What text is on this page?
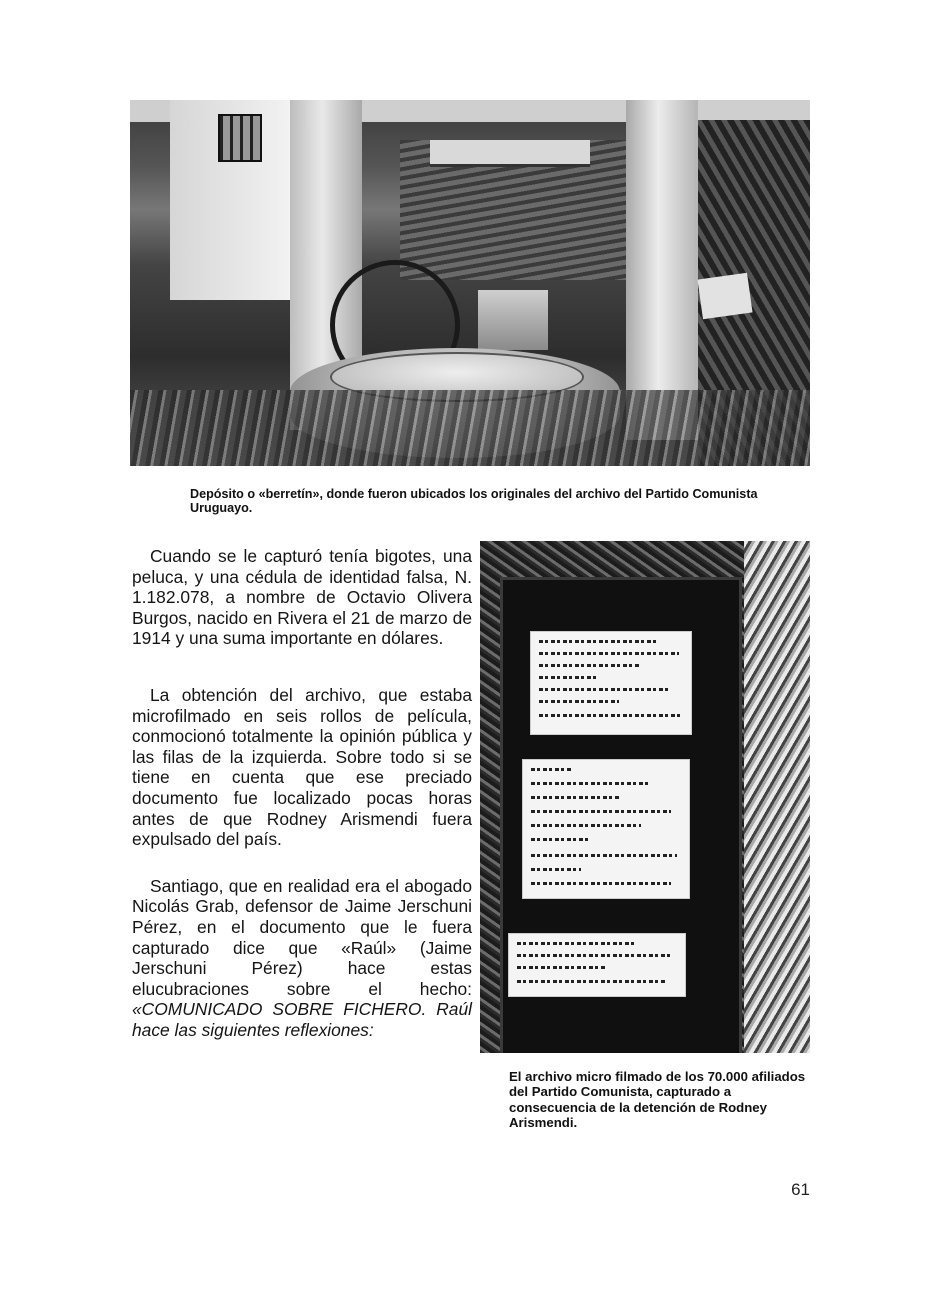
Depósito o «berretín», donde fueron ubicados los originales del archivo del Partido Comunista Uruguayo.

Cuando se le capturó tenía bigotes, una peluca, y una cédula de identidad falsa, N. 1.182.078, a nombre de Octavio Olivera Burgos, nacido en Rivera el 21 de marzo de 1914 y una suma importante en dólares.

La obtención del archivo, que estaba microfilmado en seis rollos de película, conmocionó totalmente la opinión pública y las filas de la izquierda. Sobre todo si se tiene en cuenta que ese preciado documento fue localizado pocas horas antes de que Rodney Arismendi fuera expulsado del país.

Santiago, que en realidad era el abogado Nicolás Grab, defensor de Jaime Jerschuni Pérez, en el documento que le fuera capturado dice que «Raúl» (Jaime Jerschuni Pérez) hace estas elucubraciones sobre el hecho: «COMUNICADO SOBRE FICHERO. Raúl hace las siguientes reflexiones:

El archivo micro filmado de los 70.000 afiliados del Partido Comunista, capturado a consecuencia de la detención de Rodney Arismendi.

61
